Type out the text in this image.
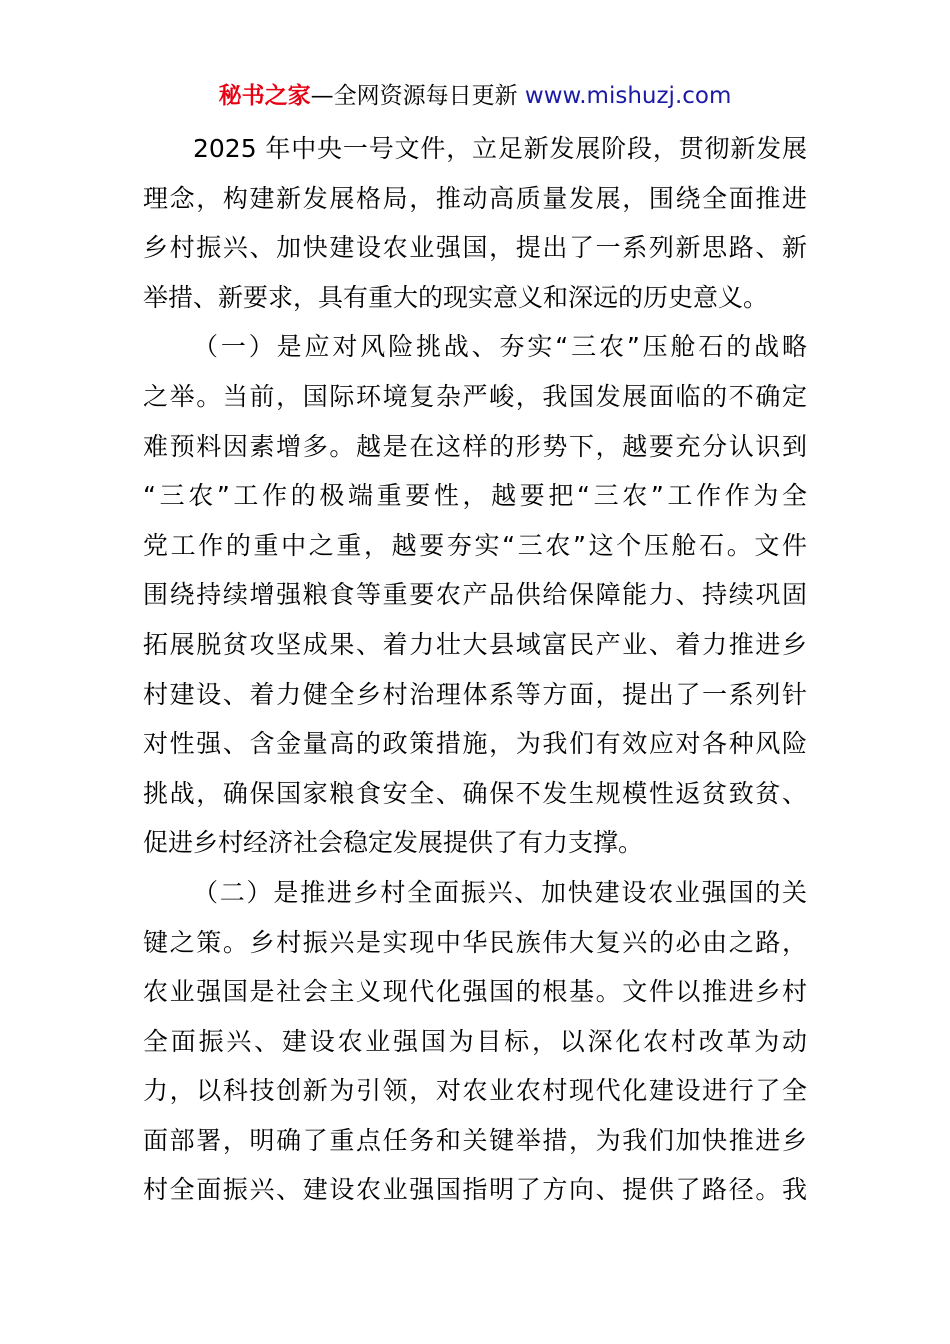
秘书之家—全网资源每日更新 www.mishuzj.com
2025 年中央一号文件，立足新发展阶段，贯彻新发展
理念，构建新发展格局，推动高质量发展，围绕全面推进
乡村振兴、加快建设农业强国，提出了一系列新思路、新
举措、新要求，具有重大的现实意义和深远的历史意义。
（一）是应对风险挑战、夯实“三农”压舱石的战略
之举。当前，国际环境复杂严峻，我国发展面临的不确定
难预料因素增多。越是在这样的形势下，越要充分认识到
“三农”工作的极端重要性，越要把“三农”工作作为全
党工作的重中之重，越要夯实“三农”这个压舱石。文件
围绕持续增强粮食等重要农产品供给保障能力、持续巩固
拓展脱贫攻坚成果、着力壮大县域富民产业、着力推进乡
村建设、着力健全乡村治理体系等方面，提出了一系列针
对性强、含金量高的政策措施，为我们有效应对各种风险
挑战，确保国家粮食安全、确保不发生规模性返贫致贫、
促进乡村经济社会稳定发展提供了有力支撑。
（二）是推进乡村全面振兴、加快建设农业强国的关
键之策。乡村振兴是实现中华民族伟大复兴的必由之路，
农业强国是社会主义现代化强国的根基。文件以推进乡村
全面振兴、建设农业强国为目标，以深化农村改革为动
力，以科技创新为引领，对农业农村现代化建设进行了全
面部署，明确了重点任务和关键举措，为我们加快推进乡
村全面振兴、建设农业强国指明了方向、提供了路径。我
